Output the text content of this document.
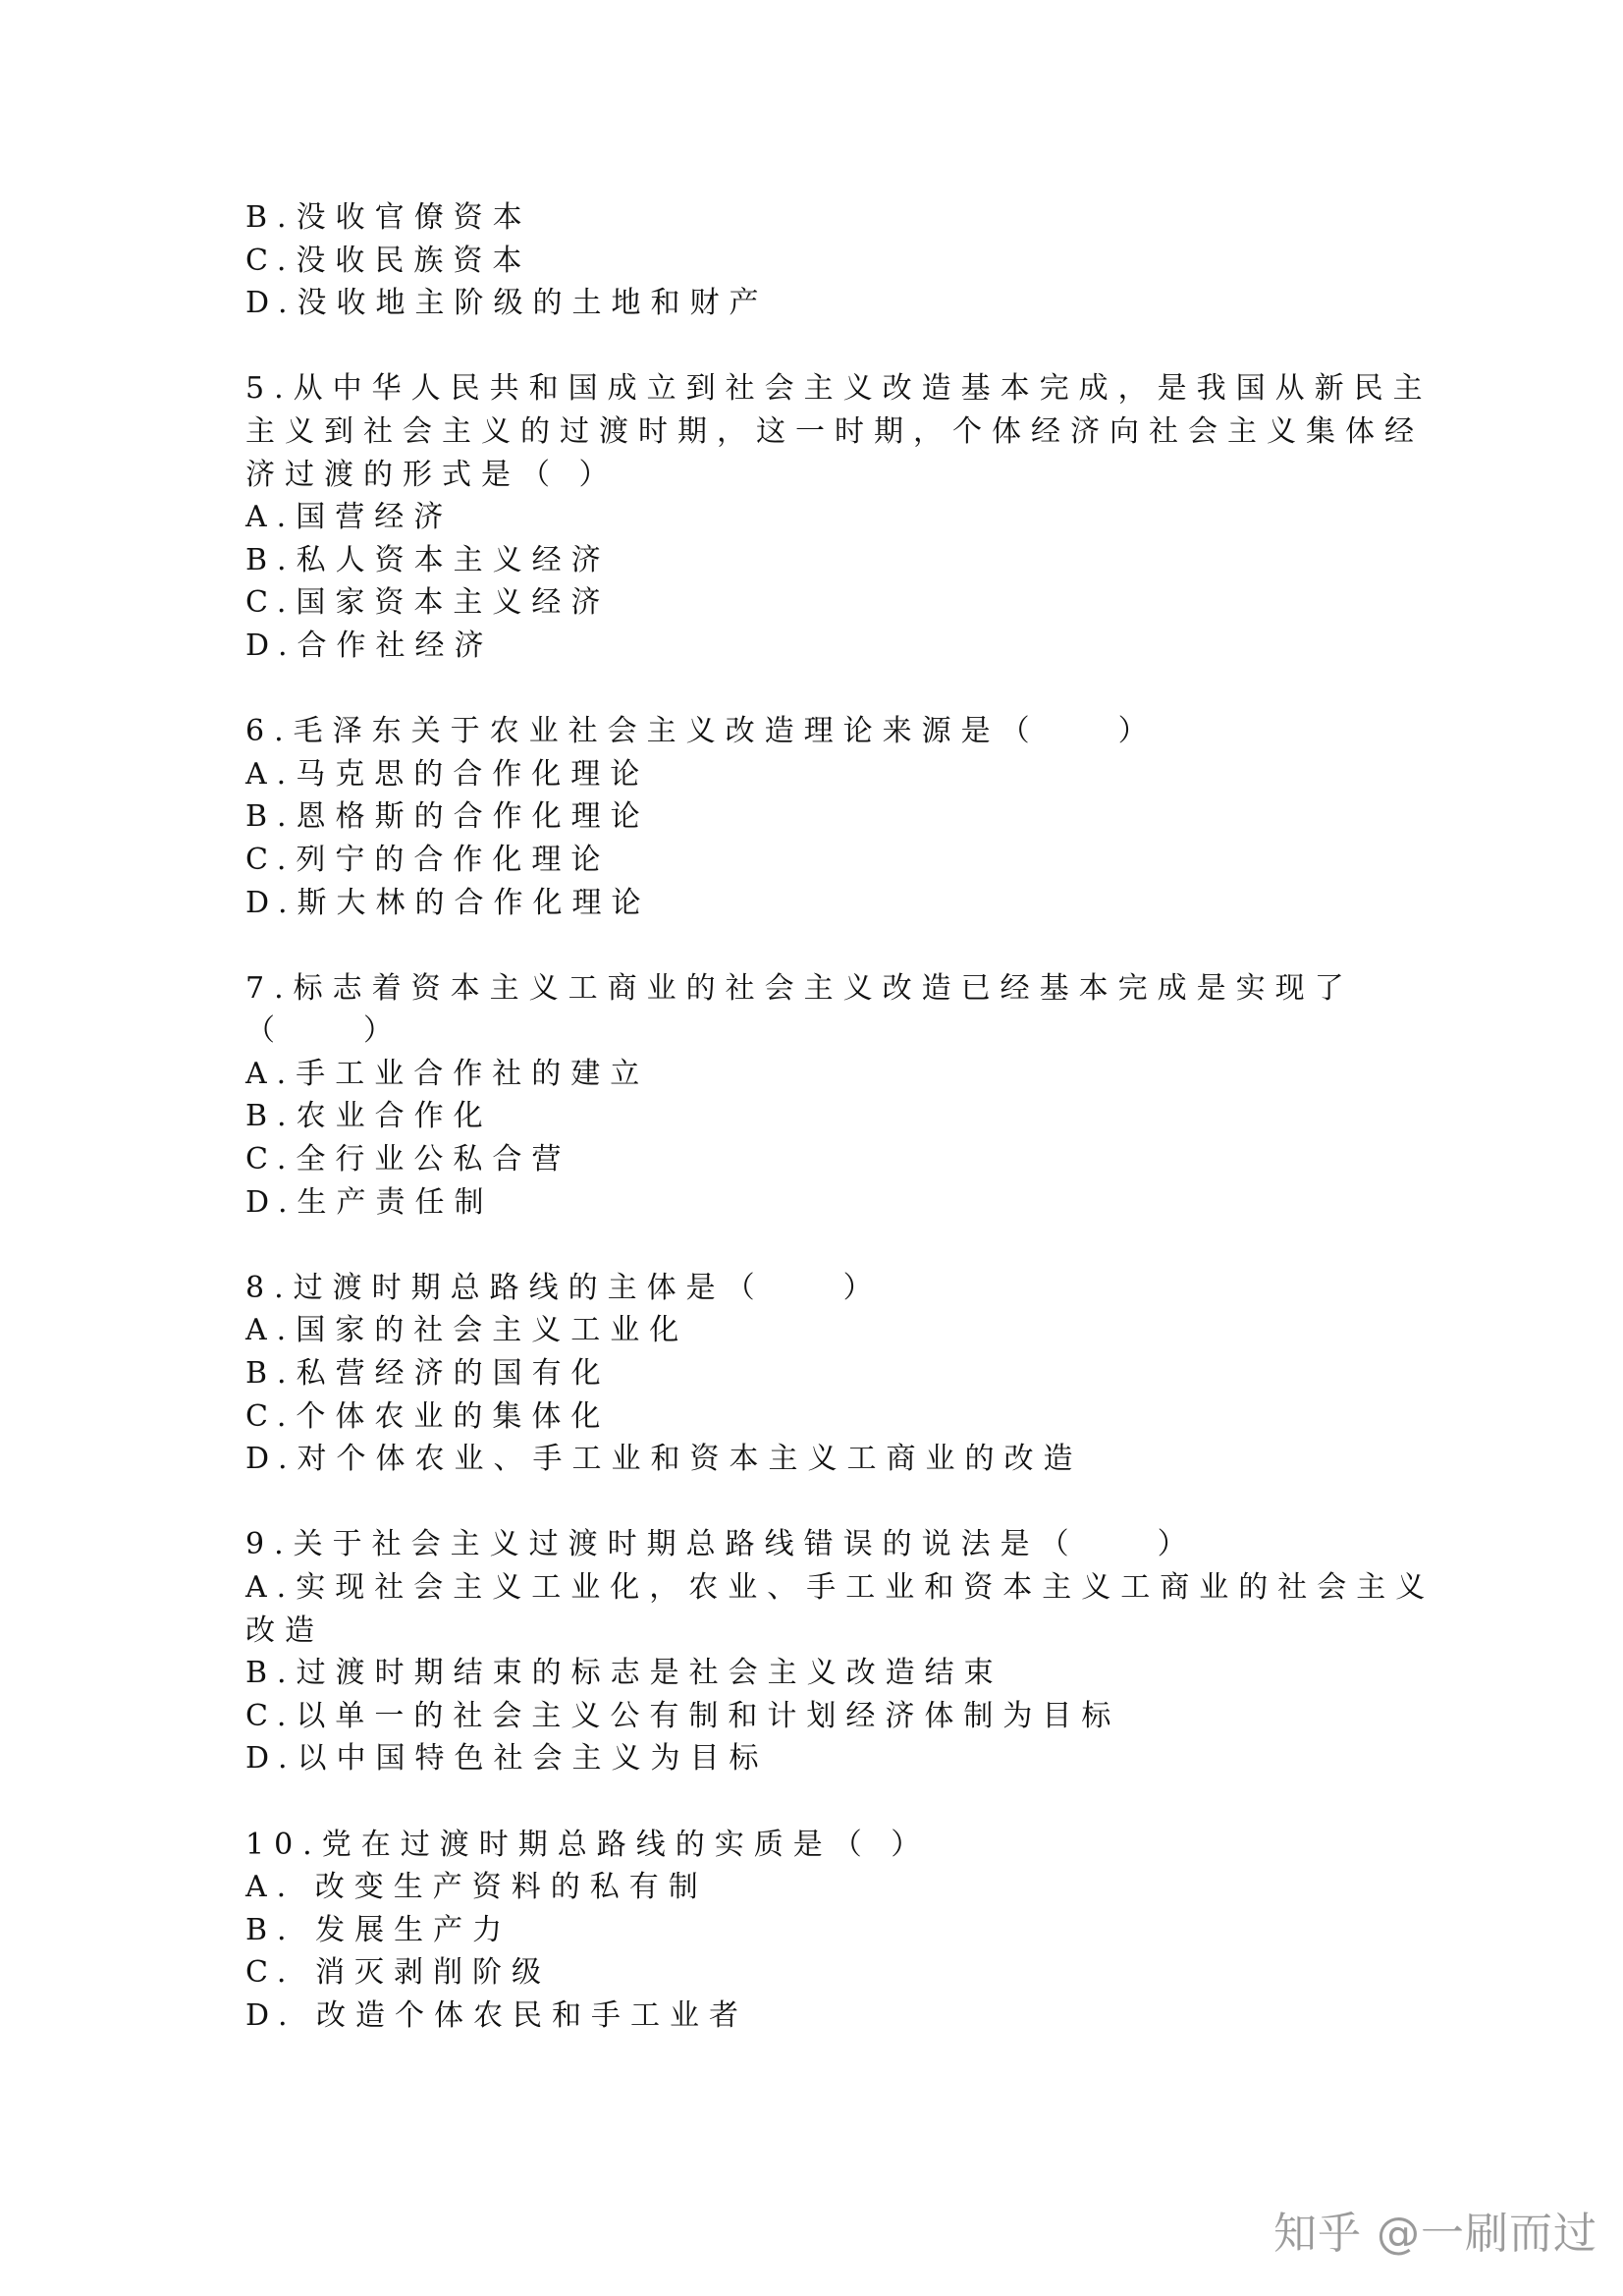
B.没收官僚资本
C.没收民族资本
D.没收地主阶级的土地和财产
5.从中华人民共和国成立到社会主义改造基本完成，是我国从新民主
主义到社会主义的过渡时期，这一时期，个体经济向社会主义集体经
济过渡的形式是（ ）
A.国营经济
B.私人资本主义经济
C.国家资本主义经济
D.合作社经济
6.毛泽东关于农业社会主义改造理论来源是（　　）
A.马克思的合作化理论
B.恩格斯的合作化理论
C.列宁的合作化理论
D.斯大林的合作化理论
7.标志着资本主义工商业的社会主义改造已经基本完成是实现了
（　　）
A.手工业合作社的建立
B.农业合作化
C.全行业公私合营
D.生产责任制
8.过渡时期总路线的主体是（　　）
A.国家的社会主义工业化
B.私营经济的国有化
C.个体农业的集体化
D.对个体农业、手工业和资本主义工商业的改造
9.关于社会主义过渡时期总路线错误的说法是（　　）
A.实现社会主义工业化，农业、手工业和资本主义工商业的社会主义
改造
B.过渡时期结束的标志是社会主义改造结束
C.以单一的社会主义公有制和计划经济体制为目标
D.以中国特色社会主义为目标
10.党在过渡时期总路线的实质是（ ）
A. 改变生产资料的私有制
B. 发展生产力
C. 消灭剥削阶级
D. 改造个体农民和手工业者
知乎 @一刷而过
